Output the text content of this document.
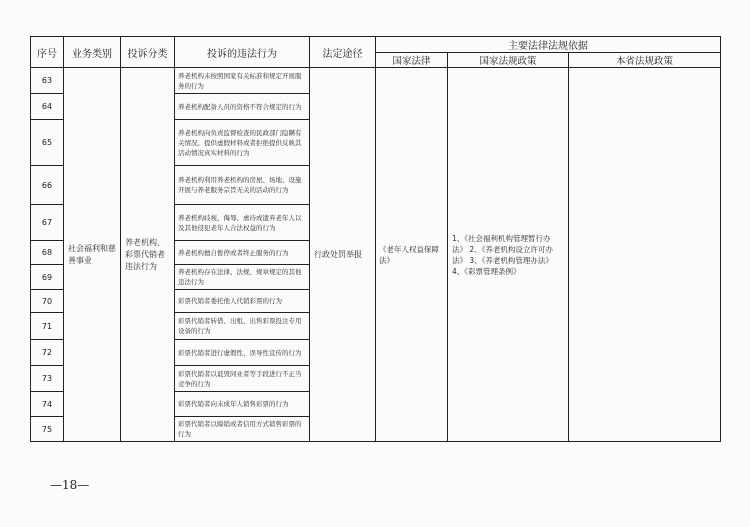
序号	业务类别	投诉分类	投诉的违法行为	法定途径	主要法律法规依据		
					国家法律	国家法规政策	本省法规政策
63	社会福利和慈善事业	养老机构、彩票代销者违法行为	养老机构未按照国家有关标准和规定开展服务的行为	行政处罚举报	《老年人权益保障法》	1、《社会福利机构管理暂行办法》 2、《养老机构设立许可办法》 3、《养老机构管理办法》4、《彩票管理条例》	
64			养老机构配备人员的资格不符合规定的行为				
65			养老机构向负责监督检查的民政部门隐瞒有关情况、提供虚假材料或者拒绝提供反映其活动情况真实材料的行为				
66			养老机构利用养老机构的房屋、场地、设施开展与养老服务宗旨无关的活动的行为				
67			养老机构歧视、侮辱、虐待或遗弃老年人以及其他侵犯老年人合法权益的行为				
68			养老机构擅自暂停或者终止服务的行为				
69			养老机构存在法律、法规、规章规定的其他违法行为				
70			彩票代销者委托他人代销彩票的行为				
71			彩票代销者转借、出租、出售彩票投注专用设备的行为				
72			彩票代销者进行虚假性、误导性宣传的行为				
73			彩票代销者以诋毁同业者等手段进行不正当竞争的行为				
74			彩票代销者向未成年人销售彩票的行为				
75			彩票代销者以赊销或者信用方式销售彩票的行为				
—18—
